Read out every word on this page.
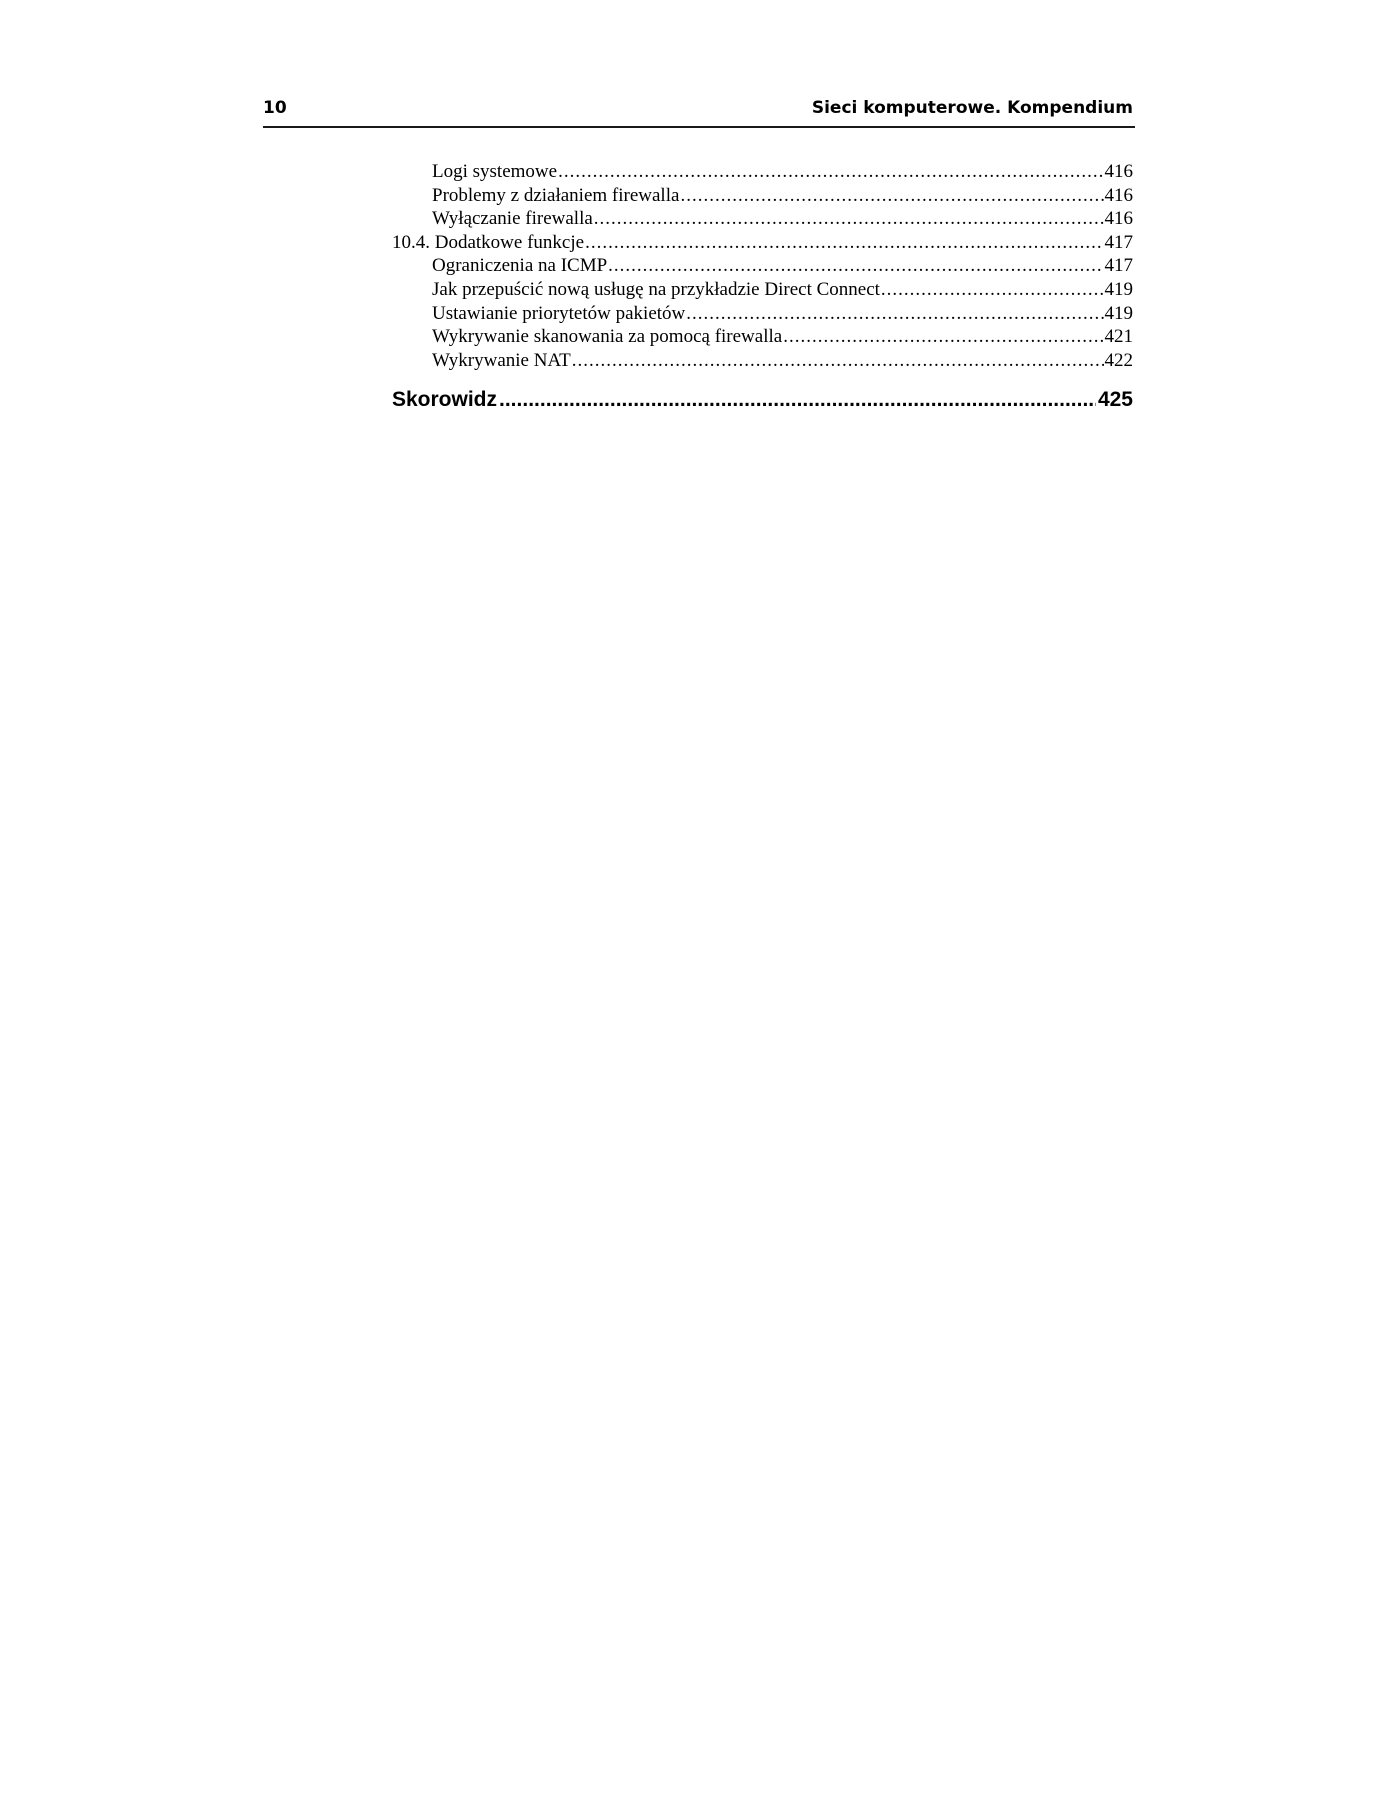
10	Sieci komputerowe. Kompendium
Logi systemowe .....	416
Problemy z działaniem firewalla .....	416
Wyłączanie firewalla .....	416
10.4. Dodatkowe funkcje .....	417
Ograniczenia na ICMP .....	417
Jak przepuścić nową usługę na przykładzie Direct Connect .....	419
Ustawianie priorytetów pakietów .....	419
Wykrywanie skanowania za pomocą firewalla .....	421
Wykrywanie NAT .....	422
Skorowidz .....	425
